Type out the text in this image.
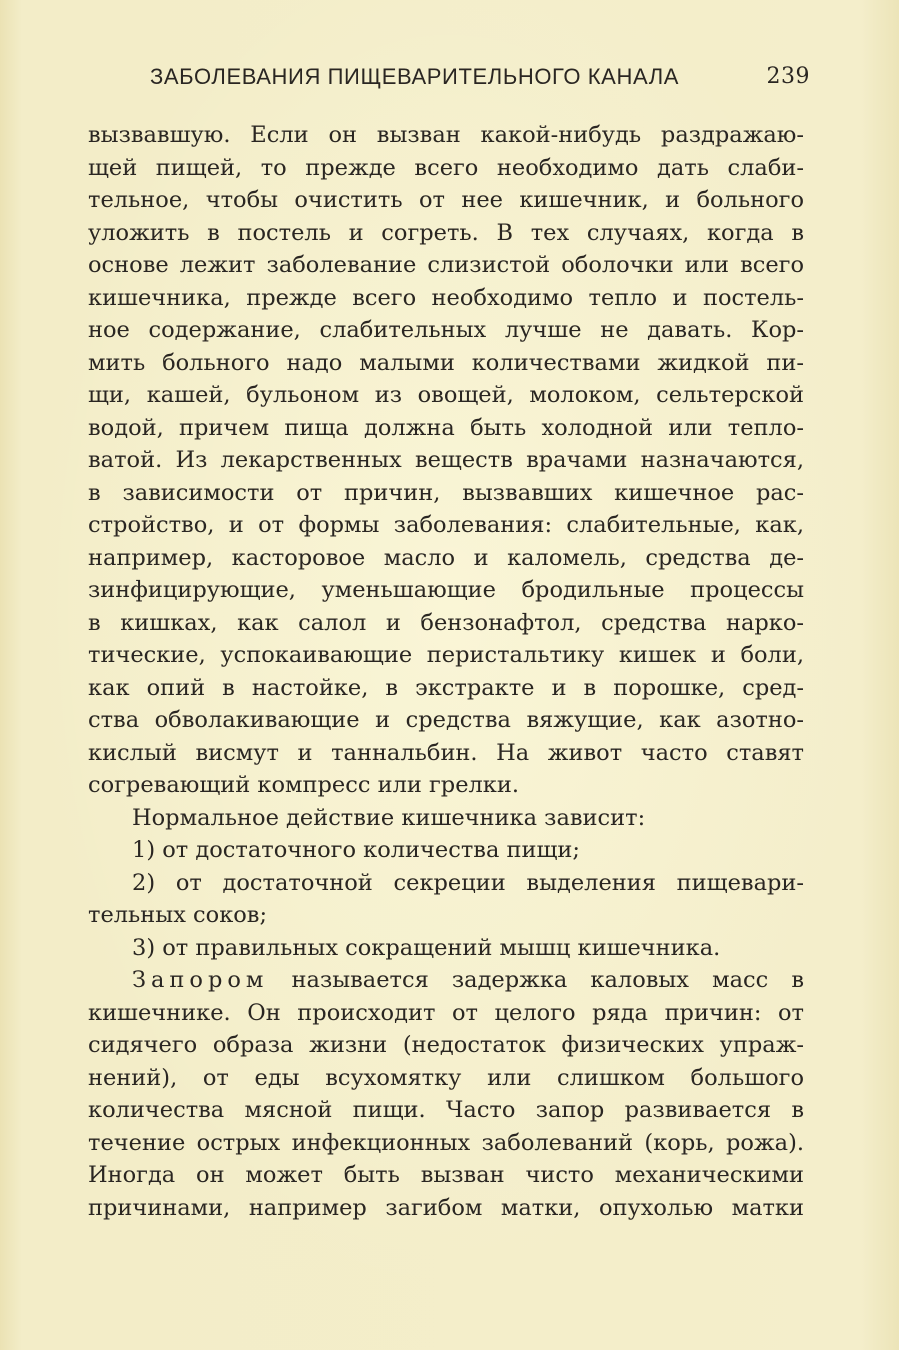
ЗАБОЛЕВАНИЯ ПИЩЕВАРИТЕЛЬНОГО КАНАЛА	239
вызвавшую. Если он вызван какой-нибудь раздражаю-
щей пищей, то прежде всего необходимо дать слаби-
тельное, чтобы очистить от нее кишечник, и больного
уложить в постель и согреть. В тех случаях, когда в
основе лежит заболевание слизистой оболочки или всего
кишечника, прежде всего необходимо тепло и постель-
ное содержание, слабительных лучше не давать. Кор-
мить больного надо малыми количествами жидкой пи-
щи, кашей, бульоном из овощей, молоком, сельтерской
водой, причем пища должна быть холодной или тепло-
ватой. Из лекарственных веществ врачами назначаются,
в зависимости от причин, вызвавших кишечное рас-
стройство, и от формы заболевания: слабительные, как,
например, касторовое масло и каломель, средства де-
зинфицирующие, уменьшающие бродильные процессы
в кишках, как салол и бензонафтол, средства нарко-
тические, успокаивающие перистальтику кишек и боли,
как опий в настойке, в экстракте и в порошке, сред-
ства обволакивающие и средства вяжущие, как азотно-
кислый висмут и таннальбин. На живот часто ставят
согревающий компресс или грелки.
Нормальное действие кишечника зависит:
1) от достаточного количества пищи;
2) от достаточной секреции выделения пищевари-
тельных соков;
3) от правильных сокращений мышц кишечника.
Запором называется задержка каловых масс в
кишечнике. Он происходит от целого ряда причин: от
сидячего образа жизни (недостаток физических упраж-
нений), от еды всухомятку или слишком большого
количества мясной пищи. Часто запор развивается в
течение острых инфекционных заболеваний (корь, рожа).
Иногда он может быть вызван чисто механическими
причинами, например загибом матки, опухолью матки
